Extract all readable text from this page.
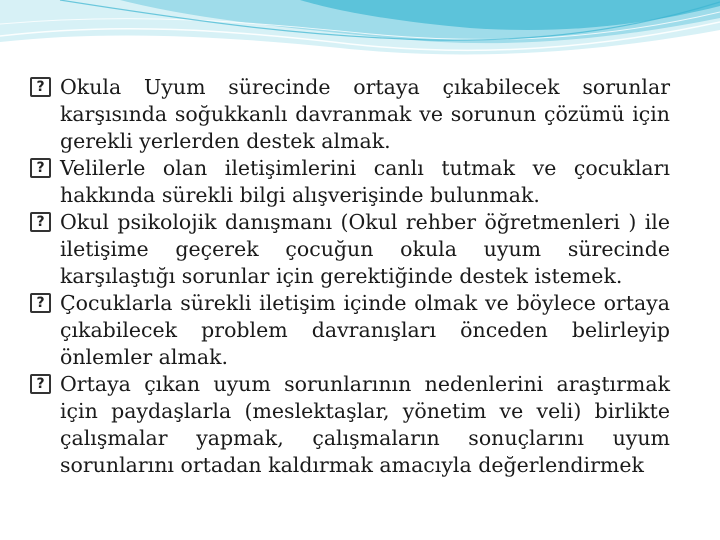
? Okula Uyum sürecinde ortaya çıkabilecek sorunlar karşısında soğukkanlı davranmak ve sorunun çözümü için gerekli yerlerden destek almak.
? Velilerle olan iletişimlerini canlı tutmak ve çocukları hakkında sürekli bilgi alışverişinde bulunmak.
? Okul psikolojik danışmanı (Okul rehber öğretmenleri ) ile iletişime geçerek çocuğun okula uyum sürecinde karşılaştığı sorunlar için gerektiğinde destek istemek.
? Çocuklarla sürekli iletişim içinde olmak ve böylece ortaya çıkabilecek problem davranışları önceden belirleyip önlemler almak.
? Ortaya çıkan uyum sorunlarının nedenlerini araştırmak için paydaşlarla (meslektaşlar, yönetim ve veli) birlikte çalışmalar yapmak, çalışmaların sonuçlarını uyum sorunlarını ortadan kaldırmak amacıyla değerlendirmek
